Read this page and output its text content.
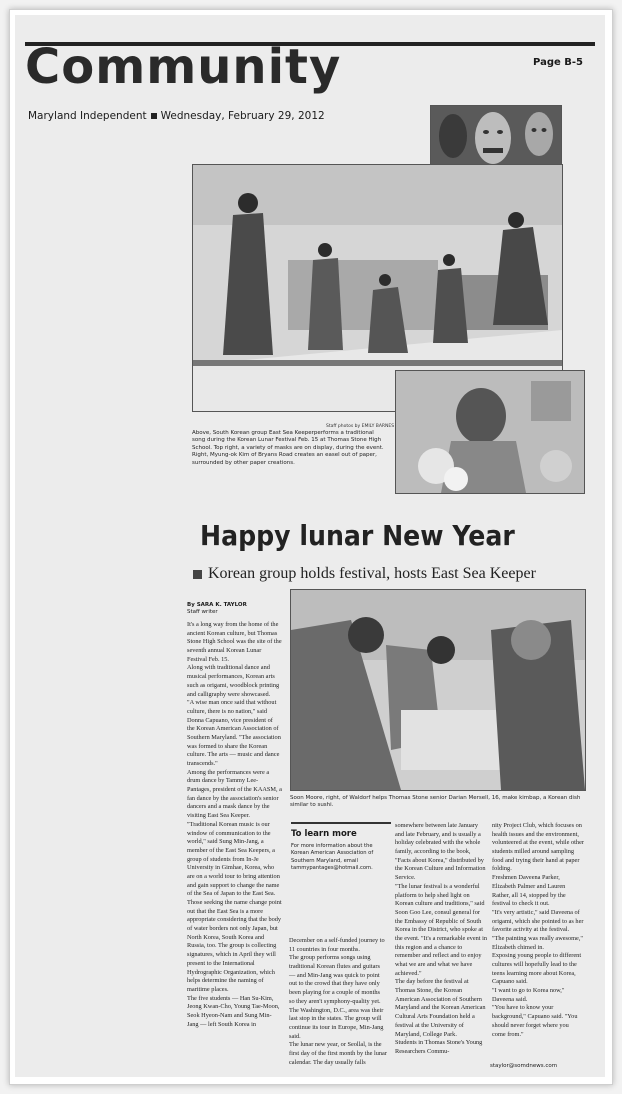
Community	Page B-5
Maryland Independent Wednesday, February 29, 2012
Staff photos by EMILY BARNES
Above, South Korean group East Sea Keeperperforms a traditional song during the Korean Lunar Festival Feb. 15 at Thomas Stone High School. Top right, a variety of masks are on display, during the event. Right, Myung-ok Kim of Bryans Road creates an easel out of paper, surrounded by other paper creations.
Happy lunar New Year
Korean group holds festival, hosts East Sea Keeper
By SARA K. TAYLOR
Staff writer
Soon Moore, right, of Waldorf helps Thomas Stone senior Darian Mersell, 16, make kimbap, a Korean dish similar to sushi.
It's a long way from the home of the ancient Korean culture, but Thomas Stone High School was the site of the seventh annual Korean Lunar Festival Feb. 15.
Along with traditional dance and musical performances, Korean arts such as origami, woodblock printing and calligraphy were showcased.
"A wise man once said that without culture, there is no nation," said Donna Capuano, vice president of the Korean American Association of Southern Maryland. "The association was formed to share the Korean culture. The arts — music and dance transcends."
Among the performances were a drum dance by Tammy Lee-Pantages, president of the KAASM, a fan dance by the association's senior dancers and a mask dance by the visiting East Sea Keeper.
"Traditional Korean music is our window of communication to the world," said Sung Min-Jang, a member of the East Sea Keepers, a group of students from In-Je University in Gimhae, Korea, who are on a world tour to bring attention and gain support to change the name of the Sea of Japan to the East Sea.
Those seeking the name change point out that the East Sea is a more appropriate considering that the body of water borders not only Japan, but North Korea, South Korea and Russia, too. The group is collecting signatures, which in April they will present to the International Hydrographic Organization, which helps determine the naming of maritime places.
The five students — Han Su-Kim, Jeong Kwan-Cho, Young Tae-Moon, Seok Hyeon-Nam and Sung Min-Jang — left South Korea in
To learn more
For more information about the Korean American Association of Southern Maryland, email tammypantages@hotmail.com.
December on a self-funded journey to 11 countries in four months.
The group performs songs using traditional Korean flutes and guitars — and Min-Jang was quick to point out to the crowd that they have only been playing for a couple of months so they aren't symphony-quality yet. The Washington, D.C., area was their last stop in the states. The group will continue its tour in Europe, Min-Jang said.
The lunar new year, or Seollal, is the first day of the first month by the lunar calendar. The day usually falls
somewhere between late January and late February, and is usually a holiday celebrated with the whole family, according to the book, "Facts about Korea," distributed by the Korean Culture and Information Service.
"The lunar festival is a wonderful platform to help shed light on Korean culture and traditions," said Soon Goo Lee, consul general for the Embassy of Republic of South Korea in the District, who spoke at the event. "It's a remarkable event in this region and a chance to remember and reflect and to enjoy what we are and what we have achieved."
The day before the festival at Thomas Stone, the Korean American Association of Southern Maryland and the Korean American Cultural Arts Foundation held a festival at the University of Maryland, College Park.
Students in Thomas Stone's Young Researchers Commu-
nity Project Club, which focuses on health issues and the environment, volunteered at the event, while other students milled around sampling food and trying their hand at paper folding.
Freshmen Daveena Parker, Elizabeth Palmer and Lauren Rather, all 14, stopped by the festival to check it out.
"It's very artistic," said Daveena of origami, which she pointed to as her favorite activity at the festival.
"The painting was really awesome," Elizabeth chimed in.
Exposing young people to different cultures will hopefully lead to the teens learning more about Korea, Capuano said.
"I want to go to Korea now," Daveena said.
"You have to know your background," Capuano said. "You should never forget where you come from."
staylor@somdnews.com
